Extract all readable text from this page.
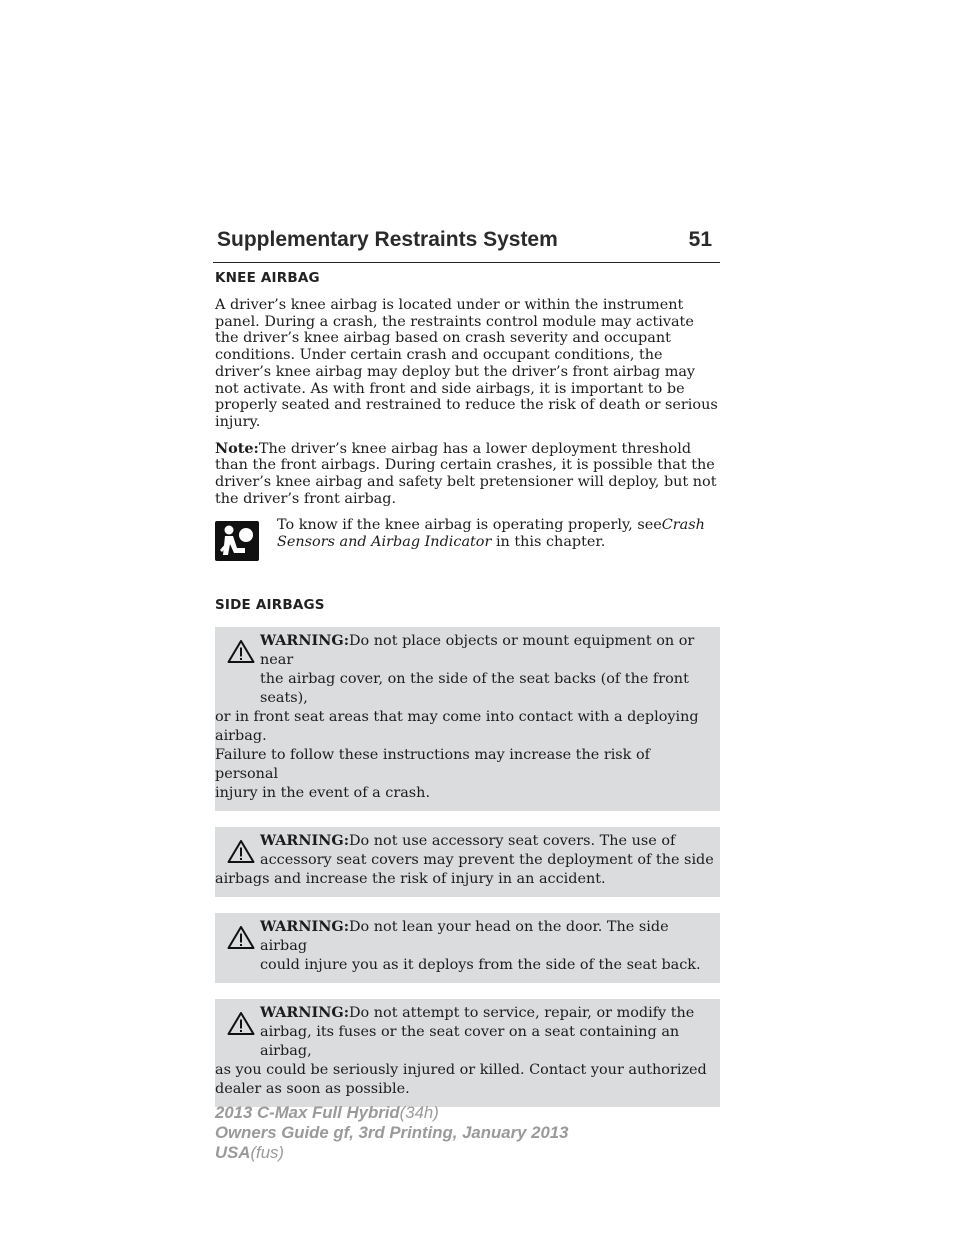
Supplementary Restraints System	51
KNEE AIRBAG

A driver’s knee airbag is located under or within the instrument panel. During a crash, the restraints control module may activate the driver’s knee airbag based on crash severity and occupant conditions. Under certain crash and occupant conditions, the driver’s knee airbag may deploy but the driver’s front airbag may not activate. As with front and side airbags, it is important to be properly seated and restrained to reduce the risk of death or serious injury.

Note:The driver’s knee airbag has a lower deployment threshold than the front airbags. During certain crashes, it is possible that the driver’s knee airbag and safety belt pretensioner will deploy, but not the driver’s front airbag.

To know if the knee airbag is operating properly, seeCrash Sensors and Airbag Indicator in this chapter.

SIDE AIRBAGS

WARNING:Do not place objects or mount equipment on or near

the airbag cover, on the side of the seat backs (of the front seats),

or in front seat areas that may come into contact with a deploying airbag.

Failure to follow these instructions may increase the risk of personal

injury in the event of a crash.

WARNING:Do not use accessory seat covers. The use of

accessory seat covers may prevent the deployment of the side

airbags and increase the risk of injury in an accident.

WARNING:Do not lean your head on the door. The side airbag

could injure you as it deploys from the side of the seat back.

WARNING:Do not attempt to service, repair, or modify the

airbag, its fuses or the seat cover on a seat containing an airbag,

as you could be seriously injured or killed. Contact your authorized

dealer as soon as possible.

2013 C-Max Full Hybrid(34h)
Owners Guide gf, 3rd Printing, January 2013
USA(fus)
